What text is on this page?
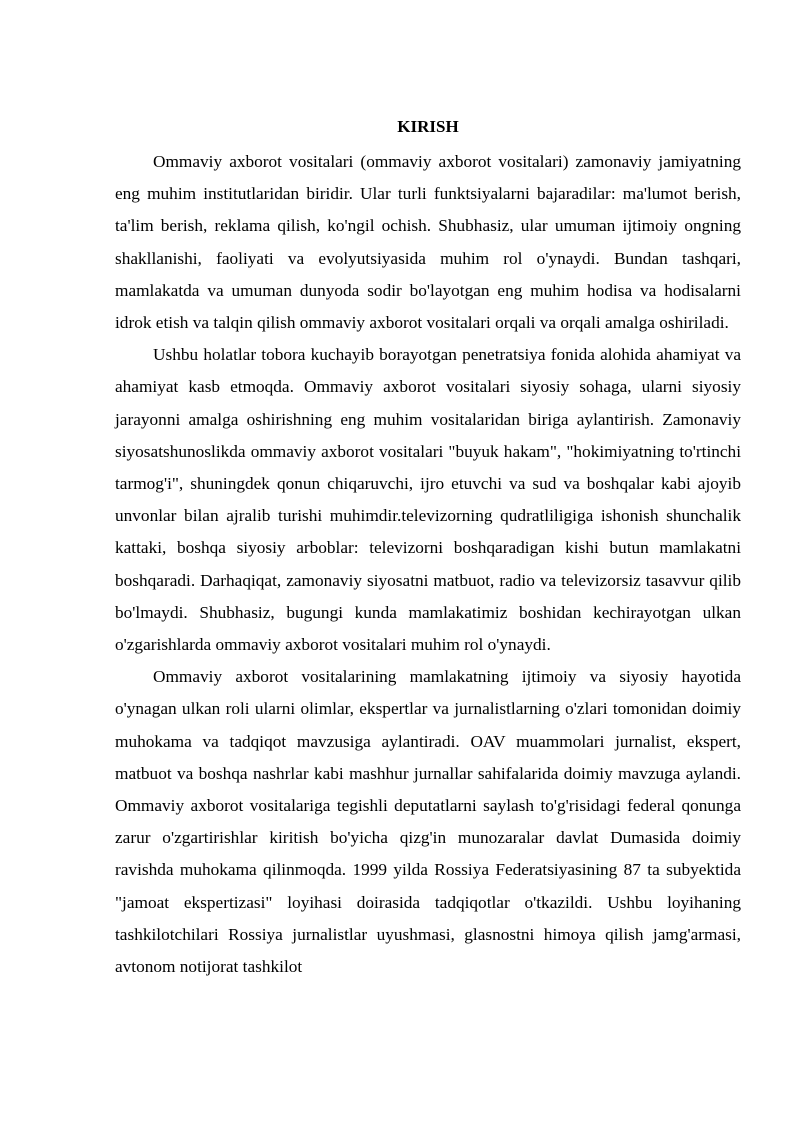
KIRISH

Ommaviy axborot vositalari (ommaviy axborot vositalari) zamonaviy jamiyatning eng muhim institutlaridan biridir. Ular turli funktsiyalarni bajaradilar: ma'lumot berish, ta'lim berish, reklama qilish, ko'ngil ochish. Shubhasiz, ular umuman ijtimoiy ongning shakllanishi, faoliyati va evolyutsiyasida muhim rol o'ynaydi. Bundan tashqari, mamlakatda va umuman dunyoda sodir bo'layotgan eng muhim hodisa va hodisalarni idrok etish va talqin qilish ommaviy axborot vositalari orqali va orqali amalga oshiriladi.

Ushbu holatlar tobora kuchayib borayotgan penetratsiya fonida alohida ahamiyat va ahamiyat kasb etmoqda. Ommaviy axborot vositalari siyosiy sohaga, ularni siyosiy jarayonni amalga oshirishning eng muhim vositalaridan biriga aylantirish. Zamonaviy siyosatshunoslikda ommaviy axborot vositalari "buyuk hakam", "hokimiyatning to'rtinchi tarmog'i", shuningdek qonun chiqaruvchi, ijro etuvchi va sud va boshqalar kabi ajoyib unvonlar bilan ajralib turishi muhimdir.televizorning qudratliligiga ishonish shunchalik kattaki, boshqa siyosiy arboblar: televizorni boshqaradigan kishi butun mamlakatni boshqaradi. Darhaqiqat, zamonaviy siyosatni matbuot, radio va televizorsiz tasavvur qilib bo'lmaydi. Shubhasiz, bugungi kunda mamlakatimiz boshidan kechirayotgan ulkan o'zgarishlarda ommaviy axborot vositalari muhim rol o'ynaydi.

Ommaviy axborot vositalarining mamlakatning ijtimoiy va siyosiy hayotida o'ynagan ulkan roli ularni olimlar, ekspertlar va jurnalistlarning o'zlari tomonidan doimiy muhokama va tadqiqot mavzusiga aylantiradi. OAV muammolari jurnalist, ekspert, matbuot va boshqa nashrlar kabi mashhur jurnallar sahifalarida doimiy mavzuga aylandi. Ommaviy axborot vositalariga tegishli deputatlarni saylash to'g'risidagi federal qonunga zarur o'zgartirishlar kiritish bo'yicha qizg'in munozaralar davlat Dumasida doimiy ravishda muhokama qilinmoqda. 1999 yilda Rossiya Federatsiyasining 87 ta subyektida "jamoat ekspertizasi" loyihasi doirasida tadqiqotlar o'tkazildi. Ushbu loyihaning tashkilotchilari Rossiya jurnalistlar uyushmasi, glasnostni himoya qilish jamg'armasi, avtonom notijorat tashkilot
